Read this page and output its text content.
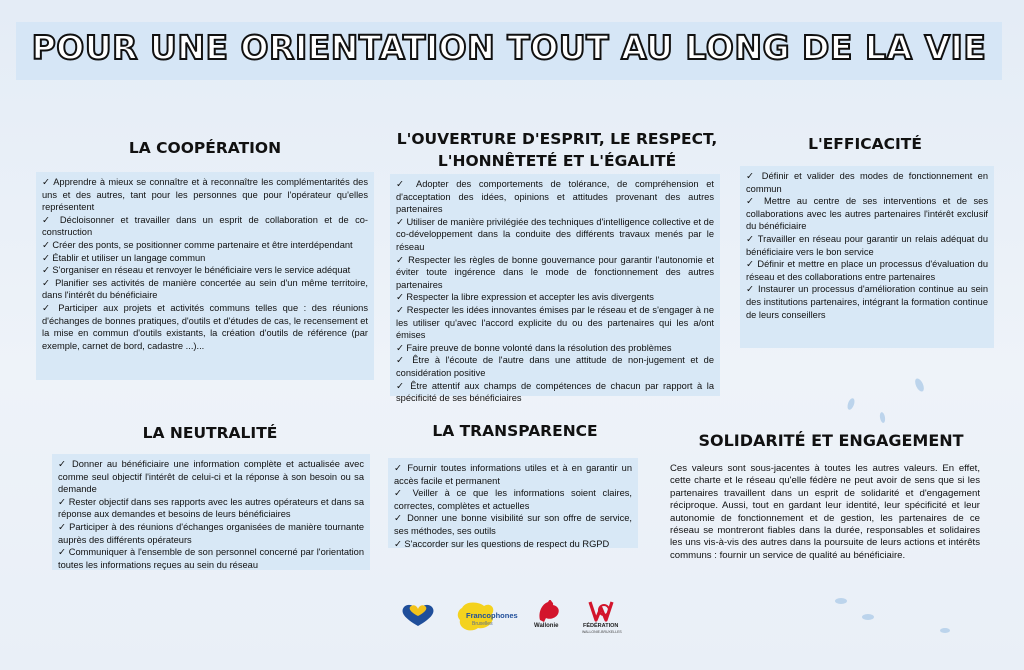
POUR UNE ORIENTATION TOUT AU LONG DE LA VIE
LA COOPÉRATION
✓ Apprendre à mieux se connaître et à reconnaître les complémentarités des uns et des autres, tant pour les personnes que pour l'opérateur qu'elles représentent
✓ Décloisonner et travailler dans un esprit de collaboration et de co-construction
✓ Créer des ponts, se positionner comme partenaire et être interdépendant
✓ Établir et utiliser un langage commun
✓ S'organiser en réseau et renvoyer le bénéficiaire vers le service adéquat
✓ Planifier ses activités de manière concertée au sein d'un même territoire, dans l'intérêt du bénéficiaire
✓ Participer aux projets et activités communs telles que : des réunions d'échanges de bonnes pratiques, d'outils et d'études de cas, le recensement et la mise en commun d'outils existants, la création d'outils de référence (par exemple, carnet de bord, cadastre ...)...
L'OUVERTURE D'ESPRIT, LE RESPECT,
L'HONNÊTETÉ ET L'ÉGALITÉ
✓ Adopter des comportements de tolérance, de compréhension et d'acceptation des idées, opinions et attitudes provenant des autres partenaires
✓ Utiliser de manière privilégiée des techniques d'intelligence collective et de co-développement dans la conduite des différents travaux menés par le réseau
✓ Respecter les règles de bonne gouvernance pour garantir l'autonomie et éviter toute ingérence dans le mode de fonctionnement des autres partenaires
✓ Respecter la libre expression et accepter les avis divergents
✓ Respecter les idées innovantes émises par le réseau et de s'engager à ne les utiliser qu'avec l'accord explicite du ou des partenaires qui les a/ont émises
✓ Faire preuve de bonne volonté dans la résolution des problèmes
✓ Être à l'écoute de l'autre dans une attitude de non-jugement et de considération positive
✓ Être attentif aux champs de compétences de chacun par rapport à la spécificité de ses bénéficiaires
L'EFFICACITÉ
✓ Définir et valider des modes de fonctionnement en commun
✓ Mettre au centre de ses interventions et de ses collaborations avec les autres partenaires l'intérêt exclusif du bénéficiaire
✓ Travailler en réseau pour garantir un relais adéquat du bénéficiaire vers le bon service
✓ Définir et mettre en place un processus d'évaluation du réseau et des collaborations entre partenaires
✓ Instaurer un processus d'amélioration continue au sein des institutions partenaires, intégrant la formation continue de leurs conseillers
LA NEUTRALITÉ
✓ Donner au bénéficiaire une information complète et actualisée avec comme seul objectif l'intérêt de celui-ci et la réponse à son besoin ou sa demande
✓ Rester objectif dans ses rapports avec les autres opérateurs et dans sa réponse aux demandes et besoins de leurs bénéficiaires
✓ Participer à des réunions d'échanges organisées de manière tournante auprès des différents opérateurs
✓ Communiquer à l'ensemble de son personnel concerné par l'orientation toutes les informations reçues au sein du réseau
LA TRANSPARENCE
✓ Fournir toutes informations utiles et à en garantir un accès facile et permanent
✓ Veiller à ce que les informations soient claires, correctes, complètes et actuelles
✓ Donner une bonne visibilité sur son offre de service, ses méthodes, ses outils
✓ S'accorder sur les questions de respect du RGPD
SOLIDARITÉ ET ENGAGEMENT
Ces valeurs sont sous-jacentes à toutes les autres valeurs. En effet, cette charte et le réseau qu'elle fédère ne peut avoir de sens que si les partenaires travaillent dans un esprit de solidarité et d'engagement réciproque. Aussi, tout en gardant leur identité, leur spécificité et leur autonomie de fonctionnement et de gestion, les partenaires de ce réseau se montreront fiables dans la durée, responsables et solidaires les uns vis-à-vis des autres dans la poursuite de leurs actions et intérêts communs : fournir un service de qualité au bénéficiaire.
Francophones
Bruxelles	Wallonie	FÉDÉRATION
WALLONIE-BRUXELLES
